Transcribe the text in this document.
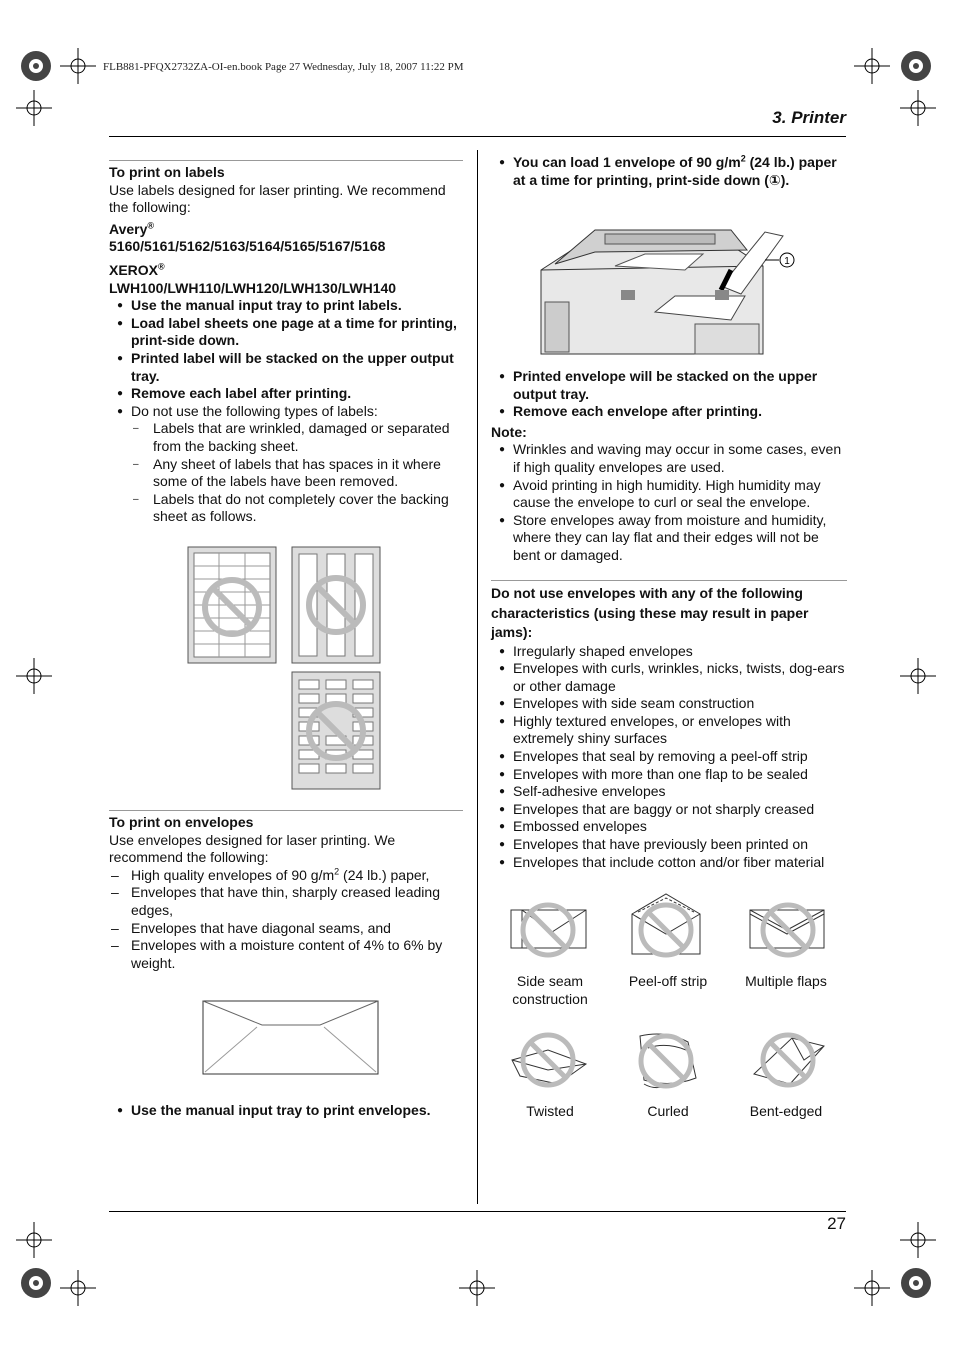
FLB881-PFQX2732ZA-OI-en.book Page 27 Wednesday, July 18, 2007 11:22 PM
3. Printer
27

To print on labels

Use labels designed for laser printing. We recommend the following:

Avery®

5160/5161/5162/5163/5164/5165/5167/5168

XEROX®

LWH100/LWH110/LWH120/LWH130/LWH140

● Use the manual input tray to print labels.
● Load label sheets one page at a time for printing, print-side down.
● Printed label will be stacked on the upper output tray.
● Remove each label after printing.
● Do not use the following types of labels:
– Labels that are wrinkled, damaged or separated from the backing sheet.
– Any sheet of labels that has spaces in it where some of the labels have been removed.
– Labels that do not completely cover the backing sheet as follows.

To print on envelopes

Use envelopes designed for laser printing. We recommend the following:

– High quality envelopes of 90 $g/m^2$ (24 lb.) paper,
– Envelopes that have thin, sharply creased leading edges,
– Envelopes that have diagonal seams, and
– Envelopes with a moisture content of 4% to 6% by weight.
● Use the manual input tray to print envelopes.
● You can load 1 envelope of 90 $g/m^2$ (24 lb.) paper at a time for printing, print-side down (①).
1
● Printed envelope will be stacked on the upper output tray.
● Remove each envelope after printing.

Note:

● Wrinkles and waving may occur in some cases, even if high quality envelopes are used.
● Avoid printing in high humidity. High humidity may cause the envelope to curl or seal the envelope.
● Store envelopes away from moisture and humidity, where they can lay flat and their edges will not be bent or damaged.

Do not use envelopes with any of the following characteristics (using these may result in paper jams):

● Irregularly shaped envelopes
● Envelopes with curls, wrinkles, nicks, twists, dog-ears or other damage
● Envelopes with side seam construction
● Highly textured envelopes, or envelopes with extremely shiny surfaces
● Envelopes that seal by removing a peel-off strip
● Envelopes with more than one flap to be sealed
● Self-adhesive envelopes
● Envelopes that are baggy or not sharply creased
● Embossed envelopes
● Envelopes that have previously been printed on
● Envelopes that include cotton and/or fiber material
Side seam construction
Peel-off strip	Multiple flaps
Twisted	Curled	Bent-edged
